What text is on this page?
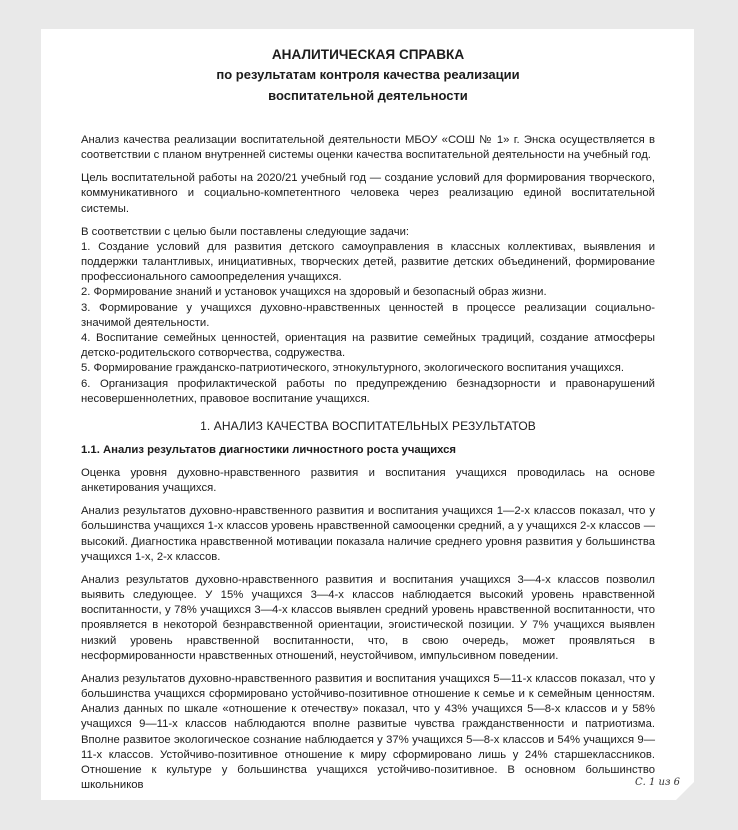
АНАЛИТИЧЕСКАЯ СПРАВКА
по результатам контроля качества реализации
воспитательной деятельности

Анализ качества реализации воспитательной деятельности МБОУ «СОШ № 1» г. Энска осуществляется в соответствии с планом внутренней системы оценки качества воспитательной деятельности на учебный год.

Цель воспитательной работы на 2020/21 учебный год — создание условий для формирования творческого, коммуникативного и социально-компетентного человека через реализацию единой воспитательной системы.

В соответствии с целью были поставлены следующие задачи:

1. Создание условий для развития детского самоуправления в классных коллективах, выявления и поддержки талантливых, инициативных, творческих детей, развитие детских объединений, формирование профессионального самоопределения учащихся.
2. Формирование знаний и установок учащихся на здоровый и безопасный образ жизни.
3. Формирование у учащихся духовно-нравственных ценностей в процессе реализации социально-значимой деятельности.
4. Воспитание семейных ценностей, ориентация на развитие семейных традиций, создание атмосферы детско-родительского сотворчества, содружества.
5. Формирование гражданско-патриотического, этнокультурного, экологического воспитания учащихся.
6. Организация профилактической работы по предупреждению безнадзорности и правонарушений несовершеннолетних, правовое воспитание учащихся.
1. АНАЛИЗ КАЧЕСТВА ВОСПИТАТЕЛЬНЫХ РЕЗУЛЬТАТОВ
1.1. Анализ результатов диагностики личностного роста учащихся

Оценка уровня духовно-нравственного развития и воспитания учащихся проводилась на основе анкетирования учащихся.

Анализ результатов духовно-нравственного развития и воспитания учащихся 1—2-х классов показал, что у большинства учащихся 1-х классов уровень нравственной самооценки средний, а у учащихся 2-х классов — высокий. Диагностика нравственной мотивации показала наличие среднего уровня развития у большинства учащихся 1-х, 2-х классов.

Анализ результатов духовно-нравственного развития и воспитания учащихся 3—4-х классов позволил выявить следующее. У 15% учащихся 3—4-х классов наблюдается высокий уровень нравственной воспитанности, у 78% учащихся 3—4-х классов выявлен средний уровень нравственной воспитанности, что проявляется в некоторой безнравственной ориентации, эгоистической позиции. У 7% учащихся выявлен низкий уровень нравственной воспитанности, что, в свою очередь, может проявляться в несформированности нравственных отношений, неустойчивом, импульсивном поведении.

Анализ результатов духовно-нравственного развития и воспитания учащихся 5—11-х классов показал, что у большинства учащихся сформировано устойчиво-позитивное отношение к семье и к семейным ценностям. Анализ данных по шкале «отношение к отечеству» показал, что у 43% учащихся 5—8-х классов и у 58% учащихся 9—11-х классов наблюдаются вполне развитые чувства гражданственности и патриотизма. Вполне развитое экологическое сознание наблюдается у 37% учащихся 5—8-х классов и 54% учащихся 9—11-х классов. Устойчиво-позитивное отношение к миру сформировано лишь у 24% старшеклассников. Отношение к культуре у большинства учащихся устойчиво-позитивное. В основном большинство школьников	С. 1 из 6
